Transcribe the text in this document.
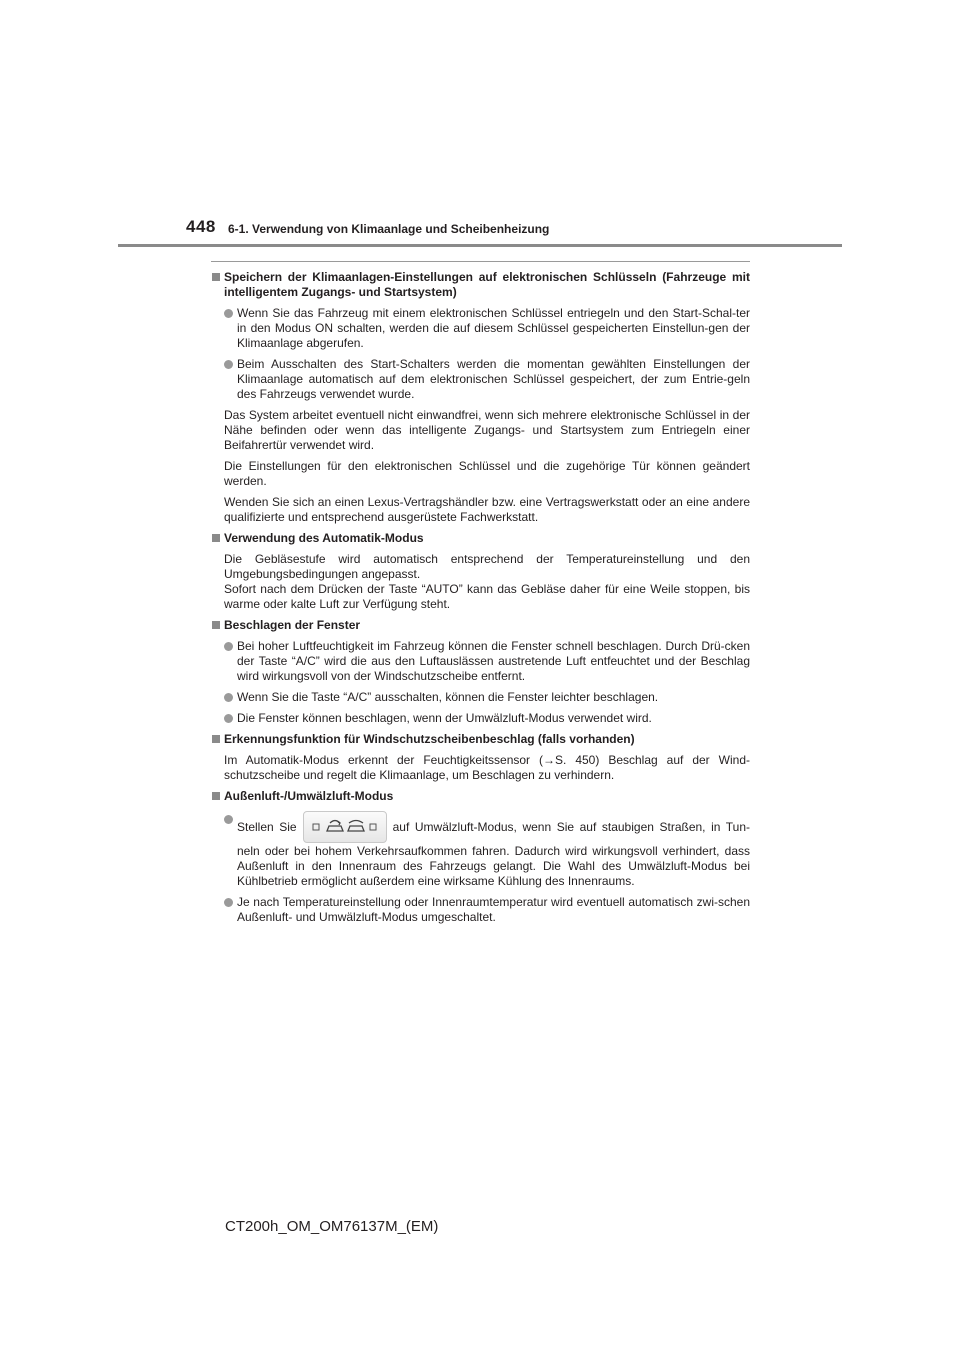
448 6-1. Verwendung von Klimaanlage und Scheibenheizung
Speichern der Klimaanlagen-Einstellungen auf elektronischen Schlüsseln (Fahrzeuge mit intelligentem Zugangs- und Startsystem)
Wenn Sie das Fahrzeug mit einem elektronischen Schlüssel entriegeln und den Start-Schal-ter in den Modus ON schalten, werden die auf diesem Schlüssel gespeicherten Einstellun-gen der Klimaanlage abgerufen.
Beim Ausschalten des Start-Schalters werden die momentan gewählten Einstellungen der Klimaanlage automatisch auf dem elektronischen Schlüssel gespeichert, der zum Entrie-geln des Fahrzeugs verwendet wurde.
Das System arbeitet eventuell nicht einwandfrei, wenn sich mehrere elektronische Schlüssel in der Nähe befinden oder wenn das intelligente Zugangs- und Startsystem zum Entriegeln einer Beifahrertür verwendet wird.
Die Einstellungen für den elektronischen Schlüssel und die zugehörige Tür können geändert werden.
Wenden Sie sich an einen Lexus-Vertragshändler bzw. eine Vertragswerkstatt oder an eine andere qualifizierte und entsprechend ausgerüstete Fachwerkstatt.
Verwendung des Automatik-Modus
Die Gebläsestufe wird automatisch entsprechend der Temperatureinstellung und den Umgebungsbedingungen angepasst.
Sofort nach dem Drücken der Taste “AUTO” kann das Gebläse daher für eine Weile stoppen, bis warme oder kalte Luft zur Verfügung steht.
Beschlagen der Fenster
Bei hoher Luftfeuchtigkeit im Fahrzeug können die Fenster schnell beschlagen. Durch Drü-cken der Taste “A/C” wird die aus den Luftauslässen austretende Luft entfeuchtet und der Beschlag wird wirkungsvoll von der Windschutzscheibe entfernt.
Wenn Sie die Taste “A/C” ausschalten, können die Fenster leichter beschlagen.
Die Fenster können beschlagen, wenn der Umwälzluft-Modus verwendet wird.
Erkennungsfunktion für Windschutzscheibenbeschlag (falls vorhanden)
Im Automatik-Modus erkennt der Feuchtigkeitssensor (→S. 450) Beschlag auf der Wind-schutzscheibe und regelt die Klimaanlage, um Beschlagen zu verhindern.
Außenluft-/Umwälzluft-Modus
Stellen Sie	auf Umwälzluft-Modus, wenn Sie auf staubigen Straßen, in Tun-neln oder bei hohem Verkehrsaufkommen fahren. Dadurch wird wirkungsvoll verhindert, dass Außenluft in den Innenraum des Fahrzeugs gelangt. Die Wahl des Umwälzluft-Modus bei Kühlbetrieb ermöglicht außerdem eine wirksame Kühlung des Innenraums.
Je nach Temperatureinstellung oder Innenraumtemperatur wird eventuell automatisch zwi-schen Außenluft- und Umwälzluft-Modus umgeschaltet.
CT200h_OM_OM76137M_(EM)
